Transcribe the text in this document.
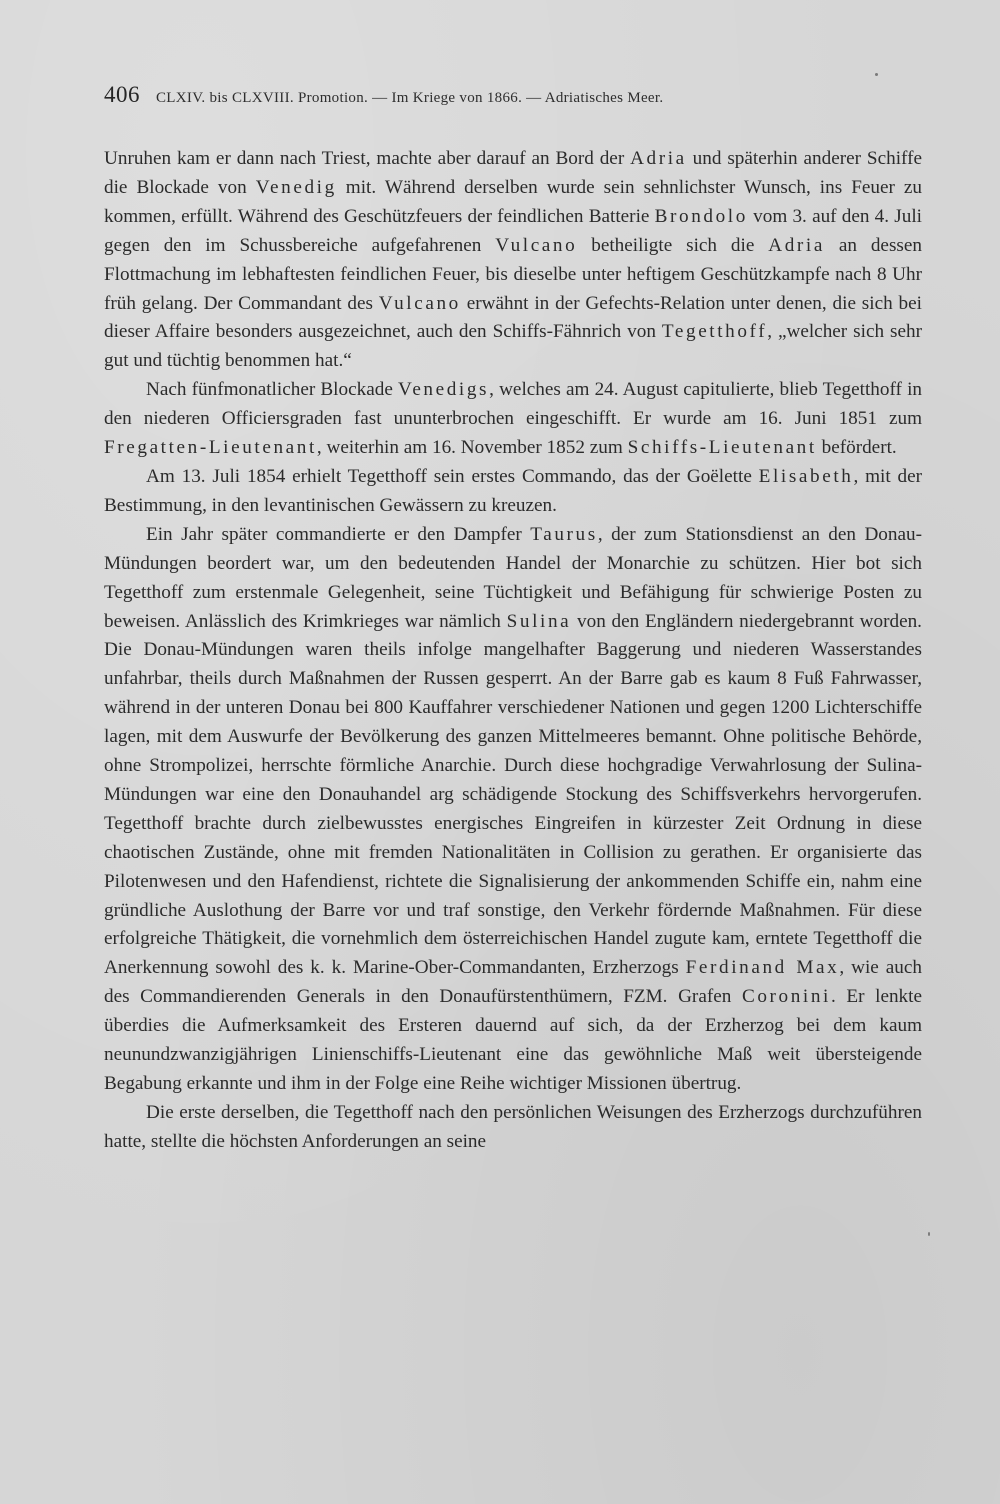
406 CLXIV. bis CLXVIII. Promotion. — Im Kriege von 1866. — Adriatisches Meer.

Unruhen kam er dann nach Triest, machte aber darauf an Bord der Adria und späterhin anderer Schiffe die Blockade von Venedig mit. Während derselben wurde sein sehnlichster Wunsch, ins Feuer zu kommen, erfüllt. Während des Geschützfeuers der feindlichen Batterie Brondolo vom 3. auf den 4. Juli gegen den im Schussbereiche aufgefahrenen Vulcano betheiligte sich die Adria an dessen Flottmachung im lebhaftesten feindlichen Feuer, bis dieselbe unter heftigem Geschützkampfe nach 8 Uhr früh gelang. Der Commandant des Vulcano erwähnt in der Gefechts-Relation unter denen, die sich bei dieser Affaire besonders ausgezeichnet, auch den Schiffs-Fähnrich von Tegetthoff, „welcher sich sehr gut und tüchtig benommen hat.“

Nach fünfmonatlicher Blockade Venedigs, welches am 24. August capitulierte, blieb Tegetthoff in den niederen Officiersgraden fast ununterbrochen eingeschifft. Er wurde am 16. Juni 1851 zum Fregatten-Lieutenant, weiterhin am 16. November 1852 zum Schiffs-Lieutenant befördert.

Am 13. Juli 1854 erhielt Tegetthoff sein erstes Commando, das der Goëlette Elisabeth, mit der Bestimmung, in den levantinischen Gewässern zu kreuzen.

Ein Jahr später commandierte er den Dampfer Taurus, der zum Stationsdienst an den Donau-Mündungen beordert war, um den bedeutenden Handel der Monarchie zu schützen. Hier bot sich Tegetthoff zum erstenmale Gelegenheit, seine Tüchtigkeit und Befähigung für schwierige Posten zu beweisen. Anlässlich des Krimkrieges war nämlich Sulina von den Engländern niedergebrannt worden. Die Donau-Mündungen waren theils infolge mangelhafter Baggerung und niederen Wasserstandes unfahrbar, theils durch Maßnahmen der Russen gesperrt. An der Barre gab es kaum 8 Fuß Fahrwasser, während in der unteren Donau bei 800 Kauffahrer verschiedener Nationen und gegen 1200 Lichterschiffe lagen, mit dem Auswurfe der Bevölkerung des ganzen Mittelmeeres bemannt. Ohne politische Behörde, ohne Strompolizei, herrschte förmliche Anarchie. Durch diese hochgradige Verwahrlosung der Sulina-Mündungen war eine den Donauhandel arg schädigende Stockung des Schiffsverkehrs hervorgerufen. Tegetthoff brachte durch zielbewusstes energisches Eingreifen in kürzester Zeit Ordnung in diese chaotischen Zustände, ohne mit fremden Nationalitäten in Collision zu gerathen. Er organisierte das Pilotenwesen und den Hafendienst, richtete die Signalisierung der ankommenden Schiffe ein, nahm eine gründliche Auslothung der Barre vor und traf sonstige, den Verkehr fördernde Maßnahmen. Für diese erfolgreiche Thätigkeit, die vornehmlich dem österreichischen Handel zugute kam, erntete Tegetthoff die Anerkennung sowohl des k. k. Marine-Ober-Commandanten, Erzherzogs Ferdinand Max, wie auch des Commandierenden Generals in den Donaufürstenthümern, FZM. Grafen Coronini. Er lenkte überdies die Aufmerksamkeit des Ersteren dauernd auf sich, da der Erzherzog bei dem kaum neunundzwanzigjährigen Linienschiffs-Lieutenant eine das gewöhnliche Maß weit übersteigende Begabung erkannte und ihm in der Folge eine Reihe wichtiger Missionen übertrug.

Die erste derselben, die Tegetthoff nach den persönlichen Weisungen des Erzherzogs durchzuführen hatte, stellte die höchsten Anforderungen an seine
